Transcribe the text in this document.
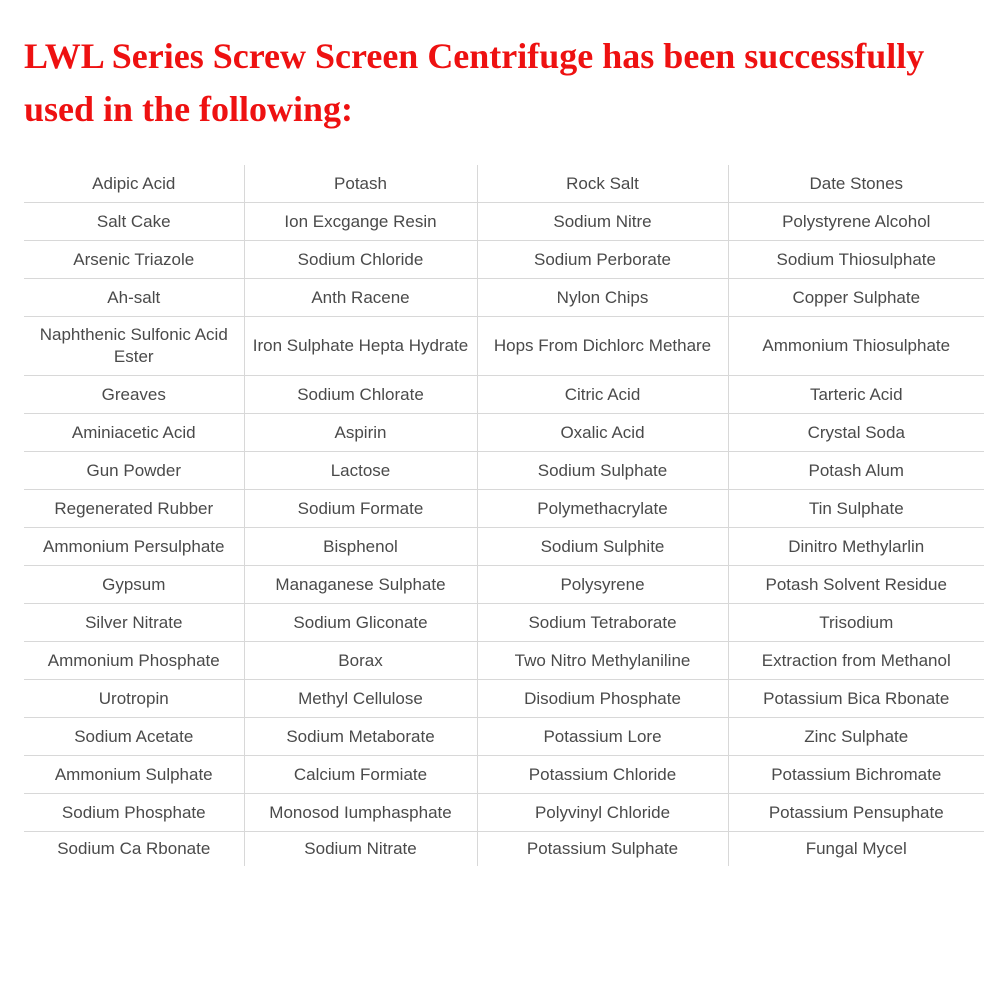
LWL Series Screw Screen Centrifuge has been successfully used in the following:
Adipic Acid	Potash	Rock Salt	Date Stones
Salt Cake	Ion Excgange Resin	Sodium Nitre	Polystyrene Alcohol
Arsenic Triazole	Sodium Chloride	Sodium Perborate	Sodium Thiosulphate
Ah-salt	Anth Racene	Nylon Chips	Copper Sulphate
Naphthenic Sulfonic Acid Ester	Iron Sulphate Hepta Hydrate	Hops From Dichlorc Methare	Ammonium Thiosulphate
Greaves	Sodium Chlorate	Citric Acid	Tarteric Acid
Aminiacetic Acid	Aspirin	Oxalic Acid	Crystal Soda
Gun Powder	Lactose	Sodium Sulphate	Potash Alum
Regenerated Rubber	Sodium Formate	Polymethacrylate	Tin Sulphate
Ammonium Persulphate	Bisphenol	Sodium Sulphite	Dinitro Methylarlin
Gypsum	Managanese Sulphate	Polysyrene	Potash Solvent Residue
Silver Nitrate	Sodium Gliconate	Sodium Tetraborate	Trisodium
Ammonium Phosphate	Borax	Two Nitro Methylaniline	Extraction from Methanol
Urotropin	Methyl Cellulose	Disodium Phosphate	Potassium Bica Rbonate
Sodium Acetate	Sodium Metaborate	Potassium Lore	Zinc Sulphate
Ammonium Sulphate	Calcium Formiate	Potassium Chloride	Potassium Bichromate
Sodium Phosphate	Monosod Iumphasphate	Polyvinyl Chloride	Potassium Pensuphate
Sodium Ca Rbonate	Sodium Nitrate	Potassium Sulphate	Fungal Mycel
